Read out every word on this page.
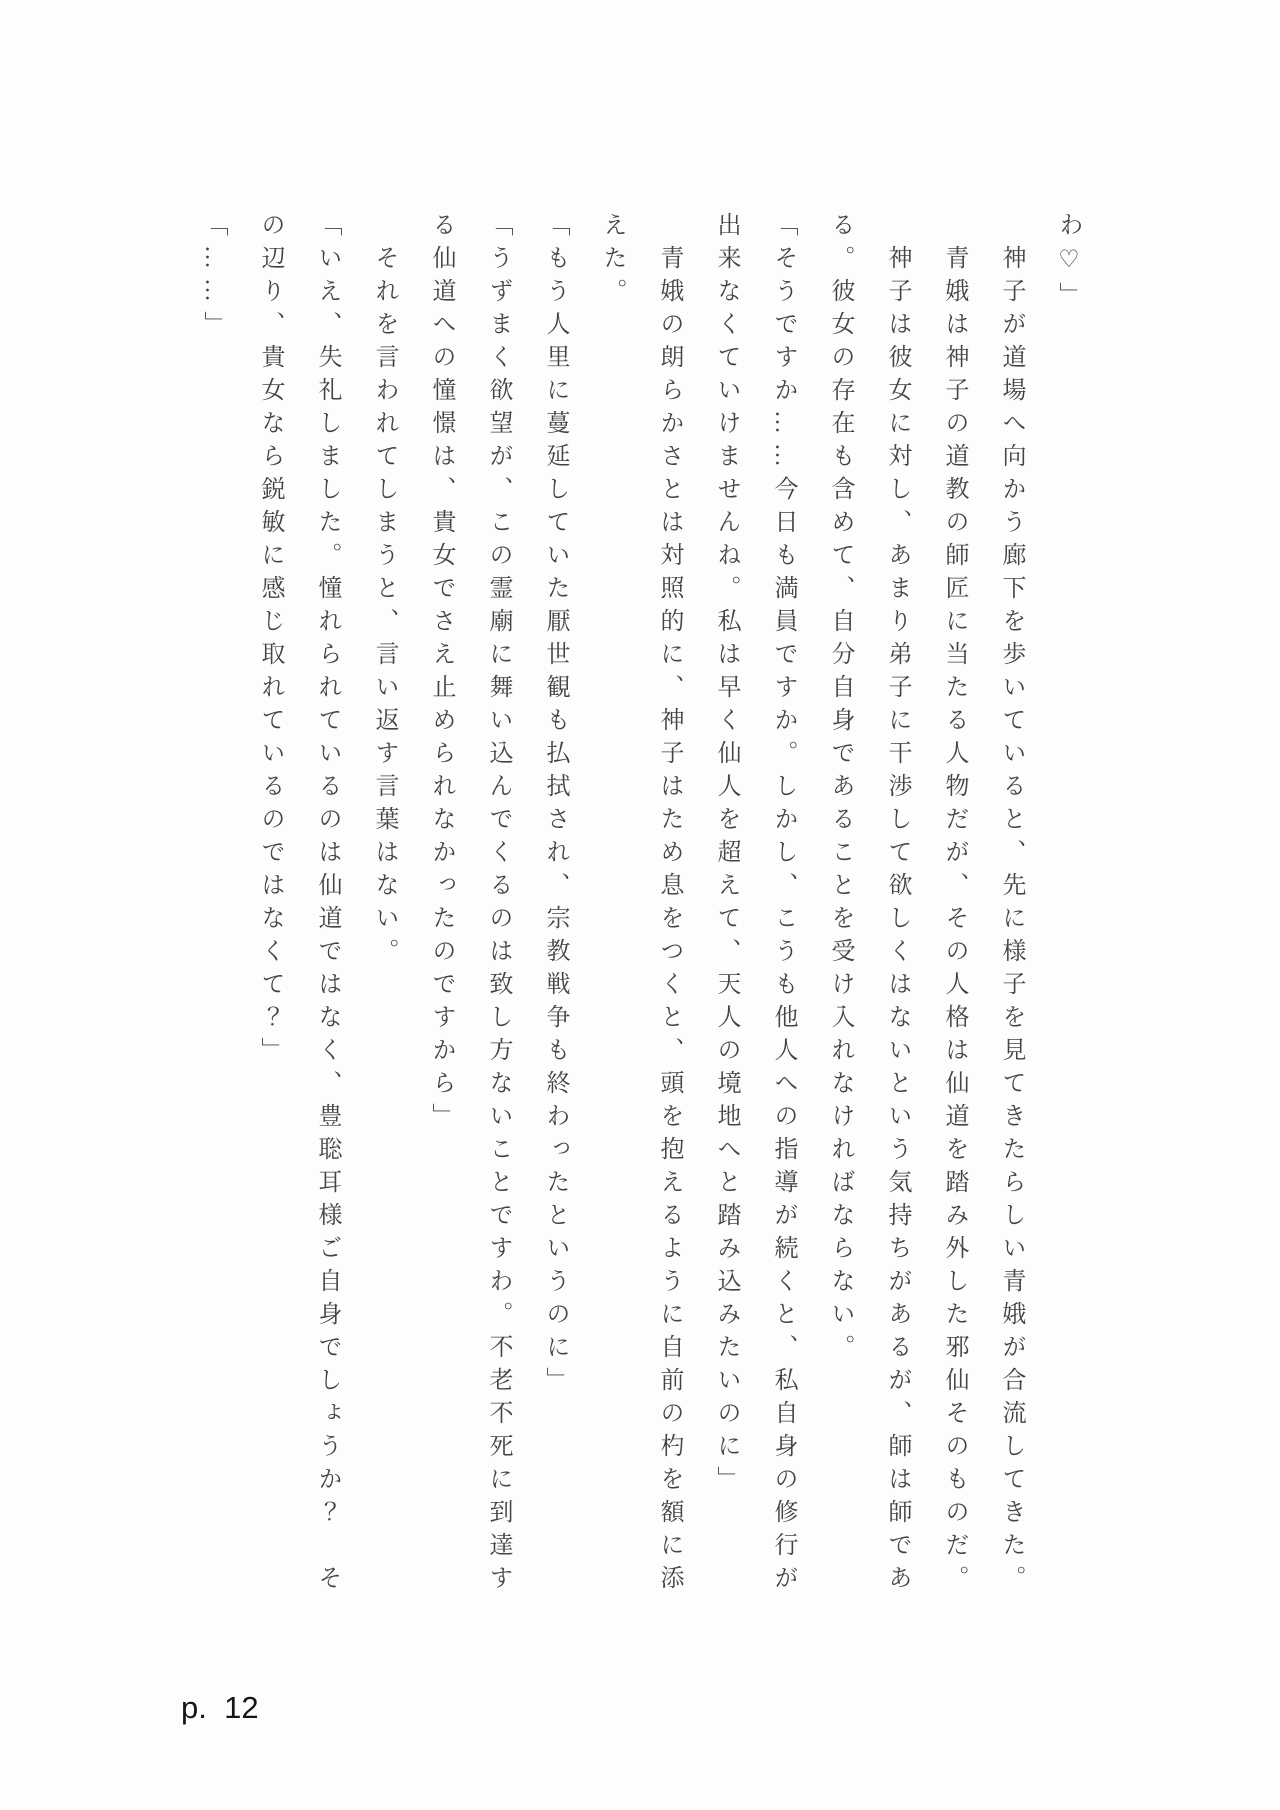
わ♡」
　神子が道場へ向かう廊下を歩いていると、先に様子を見てきたらしい青娥が合流してきた。
　青娥は神子の道教の師匠に当たる人物だが、その人格は仙道を踏み外した邪仙そのものだ。
　神子は彼女に対し、あまり弟子に干渉して欲しくはないという気持ちがあるが、師は師であ
る。彼女の存在も含めて、自分自身であることを受け入れなければならない。
「そうですか……今日も満員ですか。しかし、こうも他人への指導が続くと、私自身の修行が
出来なくていけませんね。私は早く仙人を超えて、天人の境地へと踏み込みたいのに」
　青娥の朗らかさとは対照的に、神子はため息をつくと、頭を抱えるように自前の杓を額に添
えた。
「もう人里に蔓延していた厭世観も払拭され、宗教戦争も終わったというのに」
「うずまく欲望が、この霊廟に舞い込んでくるのは致し方ないことですわ。不老不死に到達す
る仙道への憧憬は、貴女でさえ止められなかったのですから」
　それを言われてしまうと、言い返す言葉はない。
「いえ、失礼しました。憧れられているのは仙道ではなく、豊聡耳様ご自身でしょうか？　そ
の辺り、貴女なら鋭敏に感じ取れているのではなくて？」
「……」
p.  12
